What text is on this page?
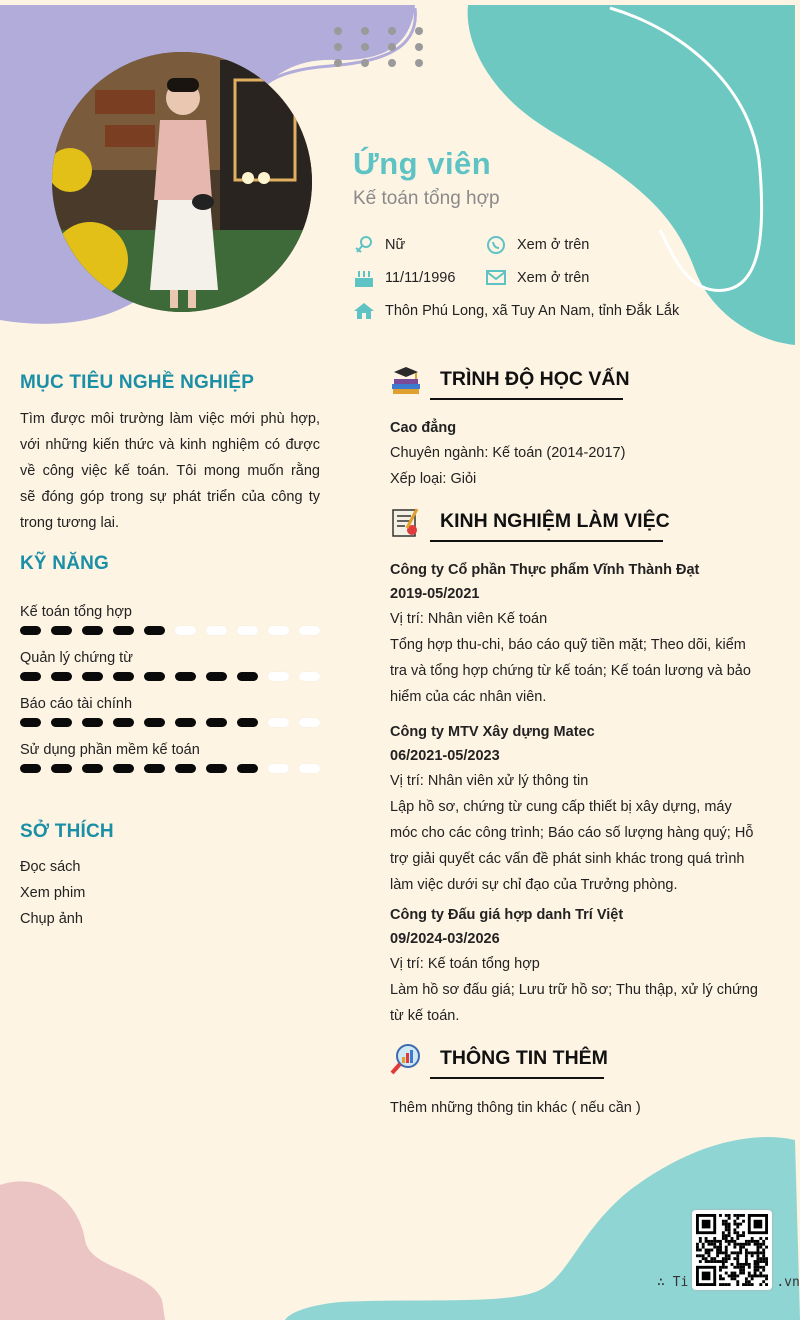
Ứng viên
Kế toán tổng hợp
Nữ	Xem ở trên
11/11/1996	Xem ở trên
Thôn Phú Long, xã Tuy An Nam, tỉnh Đắk Lắk
MỤC TIÊU NGHỀ NGHIỆP
Tìm được môi trường làm việc mới phù hợp,
với những kiến thức và kinh nghiệm có được
về công việc kế toán. Tôi mong muốn rằng
sẽ đóng góp trong sự phát triển của công ty
trong tương lai.
KỸ NĂNG
Kế toán tổng hợp
Quản lý chứng từ
Báo cáo tài chính
Sử dụng phần mềm kế toán
SỞ THÍCH
Đọc sách
Xem phim
Chụp ảnh
TRÌNH ĐỘ HỌC VẤN
Cao đẳng
Chuyên ngành: Kế toán (2014-2017)
Xếp loại: Giỏi
KINH NGHIỆM LÀM VIỆC
Công ty Cổ phần Thực phẩm Vĩnh Thành Đạt
2019-05/2021
Vị trí: Nhân viên Kế toán
Tổng hợp thu-chi, báo cáo quỹ tiền mặt; Theo dõi, kiểm
tra và tổng hợp chứng từ kế toán; Kế toán lương và bảo
hiểm của các nhân viên.
Công ty MTV Xây dựng Matec
06/2021-05/2023
Vị trí: Nhân viên xử lý thông tin
Lập hồ sơ, chứng từ cung cấp thiết bị xây dựng, máy
móc cho các công trình; Báo cáo số lượng hàng quý; Hỗ
trợ giải quyết các vấn đề phát sinh khác trong quá trình
làm việc dưới sự chỉ đạo của Trưởng phòng.
Công ty Đấu giá hợp danh Trí Việt
09/2024-03/2026
Vị trí: Kế toán tổng hợp
Làm hồ sơ đấu giá; Lưu trữ hồ sơ; Thu thập, xử lý chứng
từ kế toán.
THÔNG TIN THÊM
Thêm những thông tin khác ( nếu cần )
∴ Ti	.vn
